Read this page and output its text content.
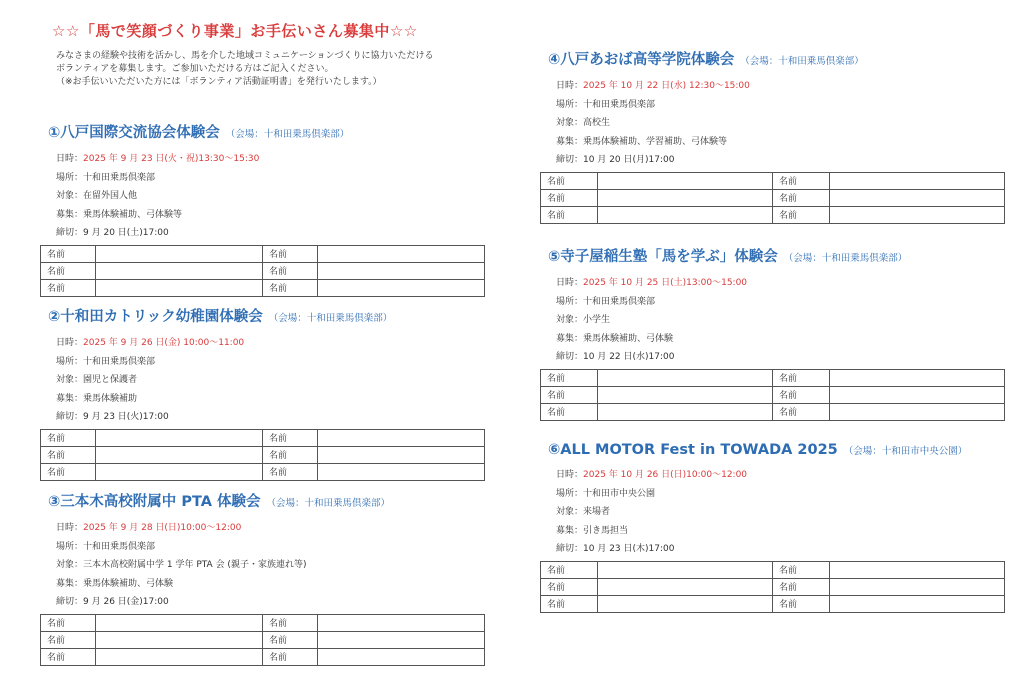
☆☆「馬で笑顔づくり事業」お手伝いさん募集中☆☆
みなさまの経験や技術を活かし、馬を介した地域コミュニケーションづくりに協力いただける
ボランティアを募集します。ご参加いただける方はご記入ください。
（※お手伝いいただいた方には「ボランティア活動証明書」を発行いたします。）
①八戸国際交流協会体験会 （会場：十和田乗馬倶楽部）
日時：2025 年 9 月 23 日(火・祝)13:30～15:30
場所：十和田乗馬倶楽部
対象：在留外国人他
募集：乗馬体験補助、弓体験等
締切：9 月 20 日(土)17:00
名前		名前	
名前		名前	
名前		名前	
②十和田カトリック幼稚園体験会 （会場：十和田乗馬倶楽部）
日時：2025 年 9 月 26 日(金) 10:00～11:00
場所：十和田乗馬倶楽部
対象：園児と保護者
募集：乗馬体験補助
締切：9 月 23 日(火)17:00
名前		名前	
名前		名前	
名前		名前	
③三本木高校附属中 PTA 体験会 （会場：十和田乗馬倶楽部）
日時：2025 年 9 月 28 日(日)10:00～12:00
場所：十和田乗馬倶楽部
対象：三本木高校附属中学 1 学年 PTA 会 (親子・家族連れ等)
募集：乗馬体験補助、弓体験
締切：9 月 26 日(金)17:00
名前		名前	
名前		名前	
名前		名前	
④八戸あおば高等学院体験会 （会場：十和田乗馬倶楽部）
日時：2025 年 10 月 22 日(水) 12:30～15:00
場所：十和田乗馬倶楽部
対象：高校生
募集：乗馬体験補助、学習補助、弓体験等
締切：10 月 20 日(月)17:00
名前		名前	
名前		名前	
名前		名前	
⑤寺子屋稲生塾「馬を学ぶ」体験会 （会場：十和田乗馬倶楽部）
日時：2025 年 10 月 25 日(土)13:00～15:00
場所：十和田乗馬倶楽部
対象：小学生
募集：乗馬体験補助、弓体験
締切：10 月 22 日(水)17:00
名前		名前	
名前		名前	
名前		名前	
⑥ALL MOTOR Fest in TOWADA 2025 （会場：十和田市中央公園）
日時：2025 年 10 月 26 日(日)10:00～12:00
場所：十和田市中央公園
対象：来場者
募集：引き馬担当
締切：10 月 23 日(木)17:00
名前		名前	
名前		名前	
名前		名前	
